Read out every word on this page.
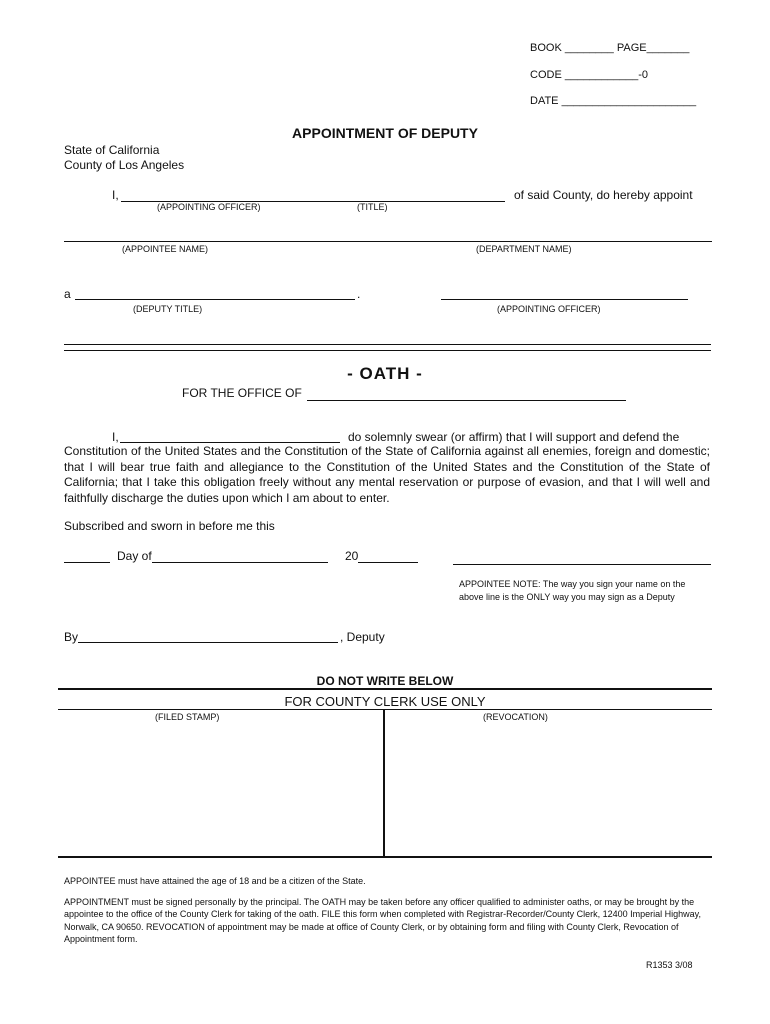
BOOK ________ PAGE_______
CODE ____________-0
DATE ______________________
APPOINTMENT OF DEPUTY
State of California
County of Los Angeles
I,	of said County, do hereby appoint
(APPOINTING OFFICER)	(TITLE)
(APPOINTEE NAME)	(DEPARTMENT NAME)
a	.
(DEPUTY TITLE)	(APPOINTING OFFICER)
- OATH -
FOR THE OFFICE OF
I,	do solemnly swear (or affirm) that I will support and defend the
Constitution of the United States and the Constitution of the State of California against all enemies, foreign and domestic; that I will bear true faith and allegiance to the Constitution of the United States and the Constitution of the State of California; that I take this obligation freely without any mental reservation or purpose of evasion, and that I will well and faithfully discharge the duties upon which I am about to enter.
Subscribed and sworn in before me this
Day of	20
APPOINTEE NOTE: The way you sign your name on the above line is the ONLY way you may sign as a Deputy
By	, Deputy
DO NOT WRITE BELOW
FOR COUNTY CLERK USE ONLY
(FILED STAMP)	(REVOCATION)
APPOINTEE must have attained the age of 18 and be a citizen of the State.
APPOINTMENT must be signed personally by the principal. The OATH may be taken before any officer qualified to administer oaths, or may be brought by the appointee to the office of the County Clerk for taking of the oath. FILE this form when completed with Registrar-Recorder/County Clerk, 12400 Imperial Highway, Norwalk, CA 90650. REVOCATION of appointment may be made at office of County Clerk, or by obtaining form and filing with County Clerk, Revocation of Appointment form.
R1353 3/08
